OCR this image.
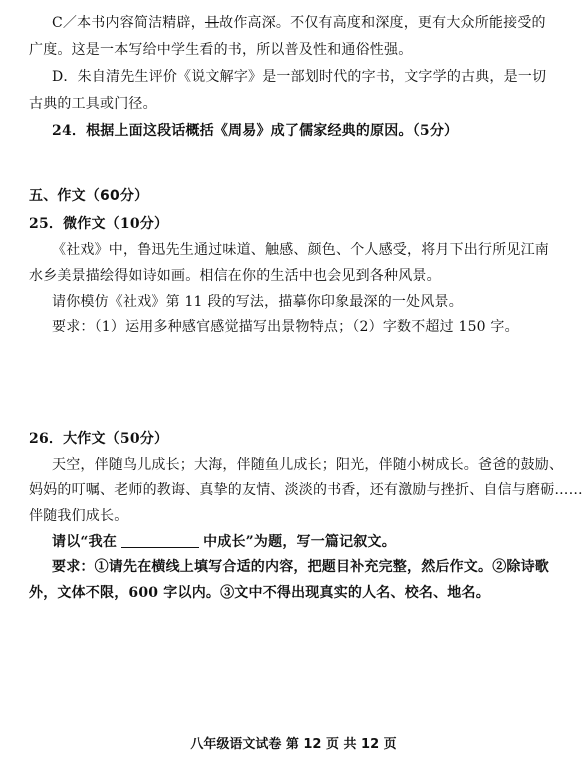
C／本书内容简洁精辟，且故作高深。不仅有高度和深度，更有大众所能接受的
广度。这是一本写给中学生看的书，所以普及性和通俗性强。
D．朱自清先生评价《说文解字》是一部划时代的字书，文字学的古典，是一切
古典的工具或门径。
24．根据上面这段话概括《周易》成了儒家经典的原因。（5分）
五、作文（60分）
25．微作文（10分）
《社戏》中，鲁迅先生通过味道、触感、颜色、个人感受，将月下出行所见江南
水乡美景描绘得如诗如画。相信在你的生活中也会见到各种风景。
请你模仿《社戏》第 11 段的写法，描摹你印象最深的一处风景。
要求：（1）运用多种感官感觉描写出景物特点；（2）字数不超过 150 字。
26．大作文（50分）
天空，伴随鸟儿成长；大海，伴随鱼儿成长；阳光，伴随小树成长。爸爸的鼓励、
妈妈的叮嘱、老师的教诲、真挚的友情、淡淡的书香，还有激励与挫折、自信与磨砺……
伴随我们成长。
请以“我在	中成长”为题，写一篇记叙文。
要求：①请先在横线上填写合适的内容，把题目补充完整，然后作文。②除诗歌
外，文体不限，600 字以内。③文中不得出现真实的人名、校名、地名。
八年级语文试卷 第 12 页 共 12 页
